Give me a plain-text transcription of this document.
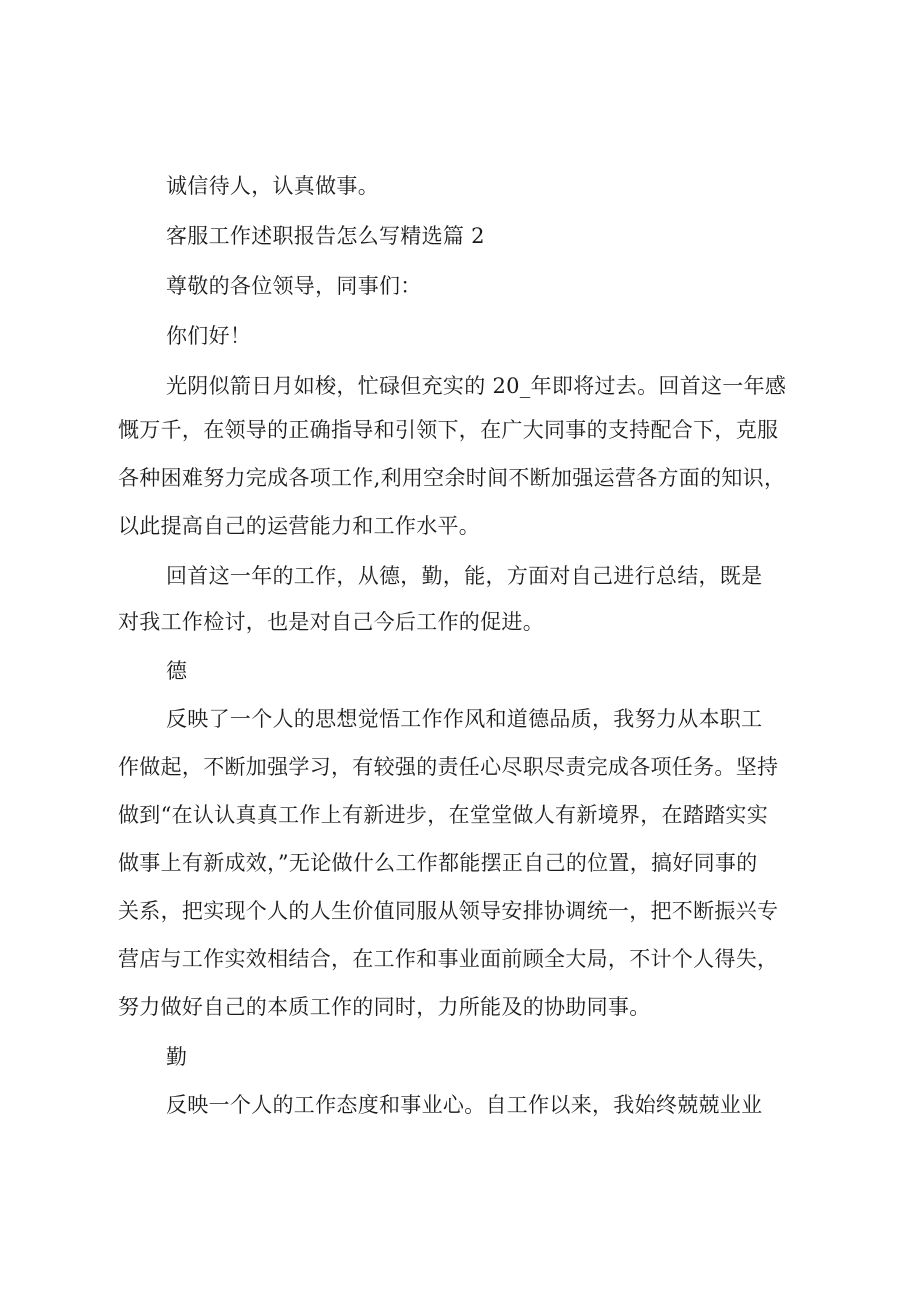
诚信待人，认真做事。
客服工作述职报告怎么写精选篇 2
尊敬的各位领导，同事们：
你们好！
光阴似箭日月如梭，忙碌但充实的 20_年即将过去。回首这一年感
慨万千，在领导的正确指导和引领下，在广大同事的支持配合下，克服
各种困难努力完成各项工作,利用空余时间不断加强运营各方面的知识，
以此提高自己的运营能力和工作水平。
回首这一年的工作，从德，勤，能，方面对自己进行总结，既是
对我工作检讨，也是对自己今后工作的促进。
德
反映了一个人的思想觉悟工作作风和道德品质，我努力从本职工
作做起，不断加强学习，有较强的责任心尽职尽责完成各项任务。坚持
做到“在认认真真工作上有新进步，在堂堂做人有新境界，在踏踏实实
做事上有新成效，”无论做什么工作都能摆正自己的位置，搞好同事的
关系，把实现个人的人生价值同服从领导安排协调统一，把不断振兴专
营店与工作实效相结合，在工作和事业面前顾全大局，不计个人得失，
努力做好自己的本质工作的同时，力所能及的协助同事。
勤
反映一个人的工作态度和事业心。自工作以来，我始终兢兢业业
